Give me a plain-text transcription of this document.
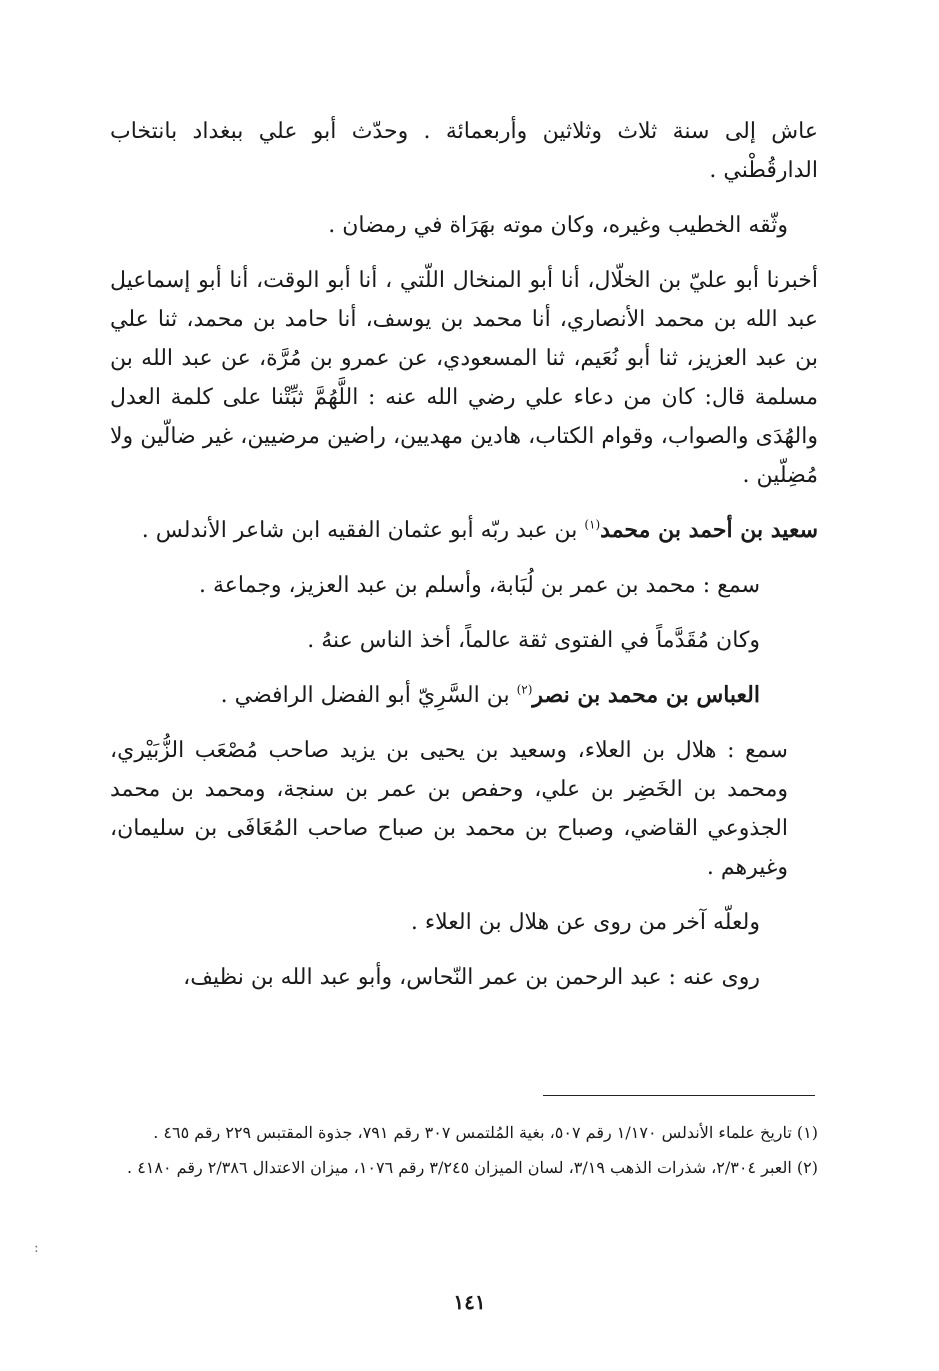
عاش إلى سنة ثلاث وثلاثين وأربعمائة . وحدّث أبو علي ببغداد بانتخاب الدارقُطْني .

وثّقه الخطيب وغيره، وكان موته بهَرَاة في رمضان .

أخبرنا أبو عليّ بن الخلّال، أنا أبو المنخال اللّتي ، أنا أبو الوقت، أنا أبو إسماعيل عبد الله بن محمد الأنصاري، أنا محمد بن يوسف، أنا حامد بن محمد، ثنا علي بن عبد العزيز، ثنا أبو نُعَيم، ثنا المسعودي، عن عمرو بن مُرَّة، عن عبد الله بن مسلمة قال: كان من دعاء علي رضي الله عنه : اللَّهُمَّ ثبِّتْنا على كلمة العدل والهُدَى والصواب، وقوام الكتاب، هادين مهديين، راضين مرضيين، غير ضالّين ولا مُضِلّين .

سعيد بن أحمد بن محمد$^{(١)}$ بن عبد ربّه أبو عثمان الفقيه ابن شاعر الأندلس .

سمع : محمد بن عمر بن لُبَابة، وأسلم بن عبد العزيز، وجماعة .

وكان مُقَدَّماً في الفتوى ثقة عالماً، أخذ الناس عنهُ .

العباس بن محمد بن نصر$^{(٢)}$ بن السَّرِيّ أبو الفضل الرافضي .

سمع : هلال بن العلاء، وسعيد بن يحيى بن يزيد صاحب مُصْعَب الزُّبَيْري، ومحمد بن الخَضِر بن علي، وحفص بن عمر بن سنجة، ومحمد بن محمد الجذوعي القاضي، وصباح بن محمد بن صباح صاحب المُعَافَى بن سليمان، وغيرهم .

ولعلّه آخر من روى عن هلال بن العلاء .

روى عنه : عبد الرحمن بن عمر النّحاس، وأبو عبد الله بن نظيف،

(١) تاريخ علماء الأندلس ١/١٧٠ رقم ٥٠٧، بغية المُلتمس ٣٠٧ رقم ٧٩١، جذوة المقتبس ٢٢٩ رقم ٤٦٥ .

(٢) العبر ٢/٣٠٤، شذرات الذهب ٣/١٩، لسان الميزان ٣/٢٤٥ رقم ١٠٧٦، ميزان الاعتدال ٢/٣٨٦ رقم ٤١٨٠ .

١٤١
:
